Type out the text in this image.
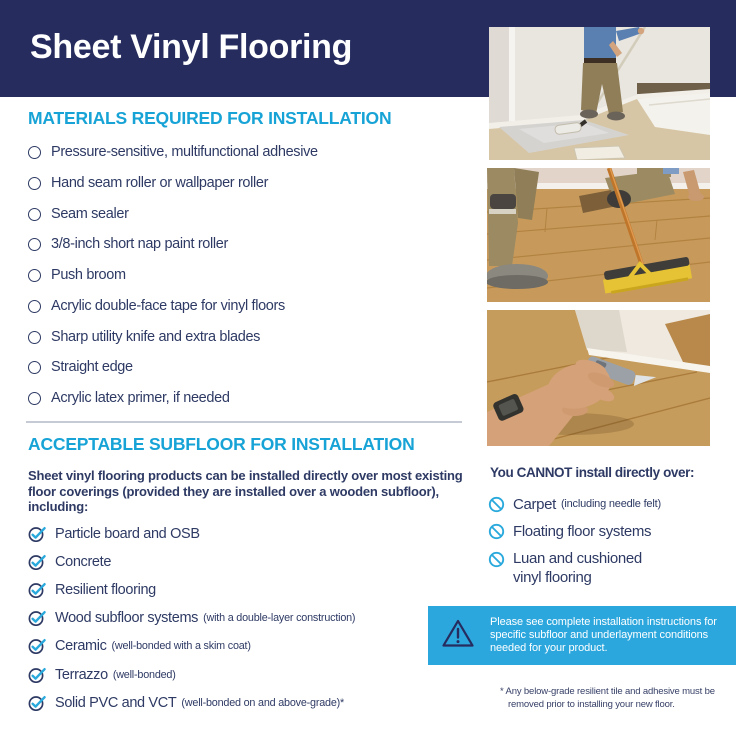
Sheet Vinyl Flooring
MATERIALS REQUIRED FOR INSTALLATION
Pressure-sensitive, multifunctional adhesive
Hand seam roller or wallpaper roller
Seam sealer
3/8-inch short nap paint roller
Push broom
Acrylic double-face tape for vinyl floors
Sharp utility knife and extra blades
Straight edge
Acrylic latex primer, if needed
ACCEPTABLE SUBFLOOR FOR INSTALLATION

Sheet vinyl flooring products can be installed directly over most existing floor coverings (provided they are installed over a wooden subfloor), including:

Particle board and OSB
Concrete
Resilient flooring
Wood subfloor systems (with a double-layer construction)
Ceramic (well-bonded with a skim coat)
Terrazzo (well-bonded)
Solid PVC and VCT (well-bonded on and above-grade)*
You CANNOT install directly over:
Carpet (including needle felt)
Floating floor systems
Luan and cushioned vinyl flooring

Please see complete installation instructions for specific subfloor and underlayment conditions needed for your product.

* Any below-grade resilient tile and adhesive must be removed prior to installing your new floor.
